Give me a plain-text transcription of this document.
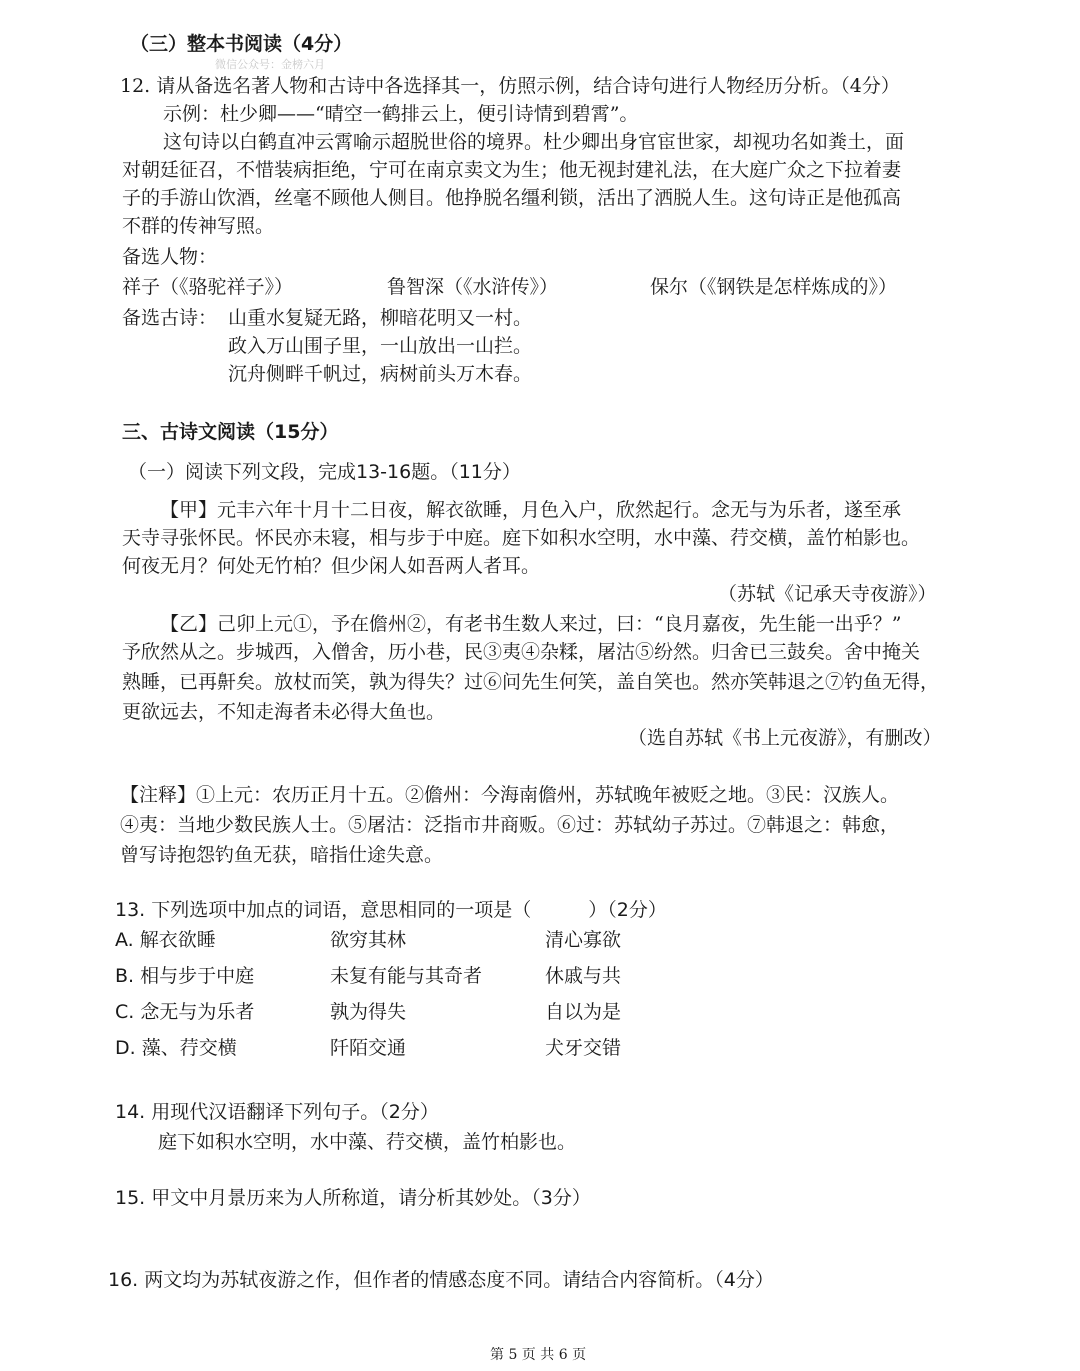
（三）整本书阅读（4分）
微信公众号：金榜六月
12. 请从备选名著人物和古诗中各选择其一，仿照示例，结合诗句进行人物经历分析。（4分）
示例：杜少卿——“晴空一鹤排云上，便引诗情到碧霄”。
这句诗以白鹤直冲云霄喻示超脱世俗的境界。杜少卿出身官宦世家，却视功名如粪土，面
对朝廷征召，不惜装病拒绝，宁可在南京卖文为生；他无视封建礼法，在大庭广众之下拉着妻
子的手游山饮酒，丝毫不顾他人侧目。他挣脱名缰利锁，活出了洒脱人生。这句诗正是他孤高
不群的传神写照。
备选人物：
祥子（《骆驼祥子》）	鲁智深（《水浒传》）	保尔（《钢铁是怎样炼成的》）
备选古诗： 山重水复疑无路，柳暗花明又一村。
政入万山围子里，一山放出一山拦。
沉舟侧畔千帆过，病树前头万木春。
三、古诗文阅读（15分）
（一）阅读下列文段，完成13-16题。（11分）
【甲】元丰六年十月十二日夜，解衣欲睡，月色入户，欣然起行。念无与为乐者，遂至承
天寺寻张怀民。怀民亦未寝，相与步于中庭。庭下如积水空明，水中藻、荇交横，盖竹柏影也。
何夜无月？何处无竹柏？但少闲人如吾两人者耳。
（苏轼《记承天寺夜游》）
【乙】己卯上元①，予在儋州②，有老书生数人来过，曰：“良月嘉夜，先生能一出乎？”
予欣然从之。步城西，入僧舍，历小巷，民③夷④杂糅，屠沽⑤纷然。归舍已三鼓矣。舍中掩关
熟睡，已再鼾矣。放杖而笑，孰为得失？过⑥问先生何笑，盖自笑也。然亦笑韩退之⑦钓鱼无得，
更欲远去，不知走海者未必得大鱼也。
（选自苏轼《书上元夜游》，有删改）
【注释】①上元：农历正月十五。②儋州：今海南儋州，苏轼晚年被贬之地。③民：汉族人。
④夷：当地少数民族人士。⑤屠沽：泛指市井商贩。⑥过：苏轼幼子苏过。⑦韩退之：韩愈，
曾写诗抱怨钓鱼无获，暗指仕途失意。
13. 下列选项中加点的词语，意思相同的一项是（　　　）（2分）
A. 解衣欲睡	欲穷其林	清心寡欲
B. 相与步于中庭	未复有能与其奇者	休戚与共
C. 念无与为乐者	孰为得失	自以为是
D. 藻、荇交横	阡陌交通	犬牙交错
14. 用现代汉语翻译下列句子。（2分）
庭下如积水空明，水中藻、荇交横，盖竹柏影也。
15. 甲文中月景历来为人所称道，请分析其妙处。（3分）
16. 两文均为苏轼夜游之作，但作者的情感态度不同。请结合内容简析。（4分）
第 5 页 共 6 页
